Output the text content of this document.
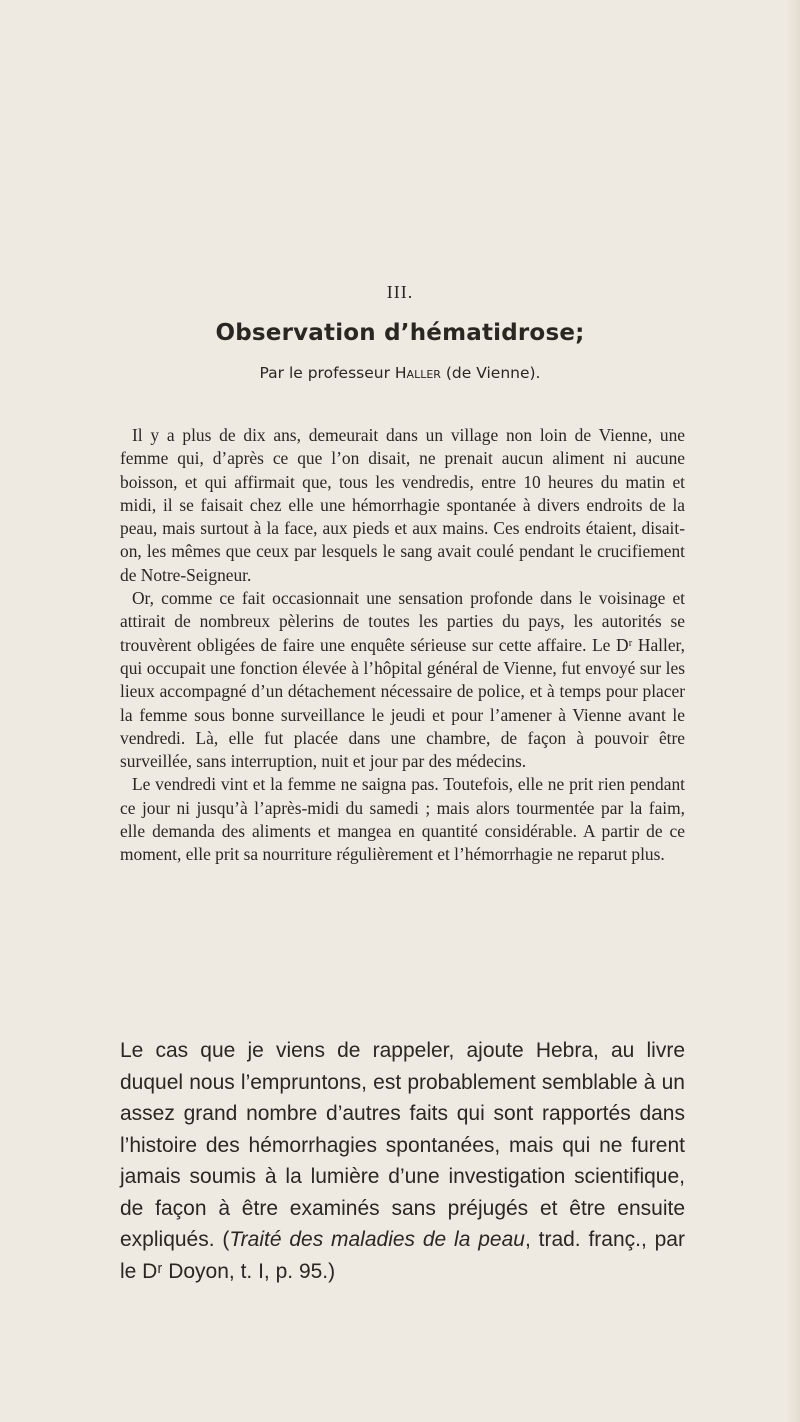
III.
Observation d’hématidrose;
Par le professeur Haller (de Vienne).

Il y a plus de dix ans, demeurait dans un village non loin de Vienne, une femme qui, d’après ce que l’on disait, ne prenait aucun aliment ni aucune boisson, et qui affirmait que, tous les vendredis, entre 10 heures du matin et midi, il se faisait chez elle une hémorrhagie spontanée à divers endroits de la peau, mais surtout à la face, aux pieds et aux mains. Ces endroits étaient, disait-on, les mêmes que ceux par lesquels le sang avait coulé pendant le crucifiement de Notre-Seigneur.

Or, comme ce fait occasionnait une sensation profonde dans le voisinage et attirait de nombreux pèlerins de toutes les parties du pays, les autorités se trouvèrent obligées de faire une enquête sérieuse sur cette affaire. Le Dʳ Haller, qui occupait une fonction élevée à l’hôpital général de Vienne, fut envoyé sur les lieux accompagné d’un détachement nécessaire de police, et à temps pour placer la femme sous bonne surveillance le jeudi et pour l’amener à Vienne avant le vendredi. Là, elle fut placée dans une chambre, de façon à pouvoir être surveillée, sans interruption, nuit et jour par des médecins.

Le vendredi vint et la femme ne saigna pas. Toutefois, elle ne prit rien pendant ce jour ni jusqu’à l’après-midi du samedi ; mais alors tourmentée par la faim, elle demanda des aliments et mangea en quantité considérable. A partir de ce moment, elle prit sa nourriture régulièrement et l’hémorrhagie ne reparut plus.

Le cas que je viens de rappeler, ajoute Hebra, au livre duquel nous l’empruntons, est probablement semblable à un assez grand nombre d’autres faits qui sont rapportés dans l’histoire des hémorrhagies spontanées, mais qui ne furent jamais soumis à la lumière d’une investigation scientifique, de façon à être examinés sans préjugés et être ensuite expliqués. (Traité des maladies de la peau, trad. franç., par le Dʳ Doyon, t. I, p. 95.)
